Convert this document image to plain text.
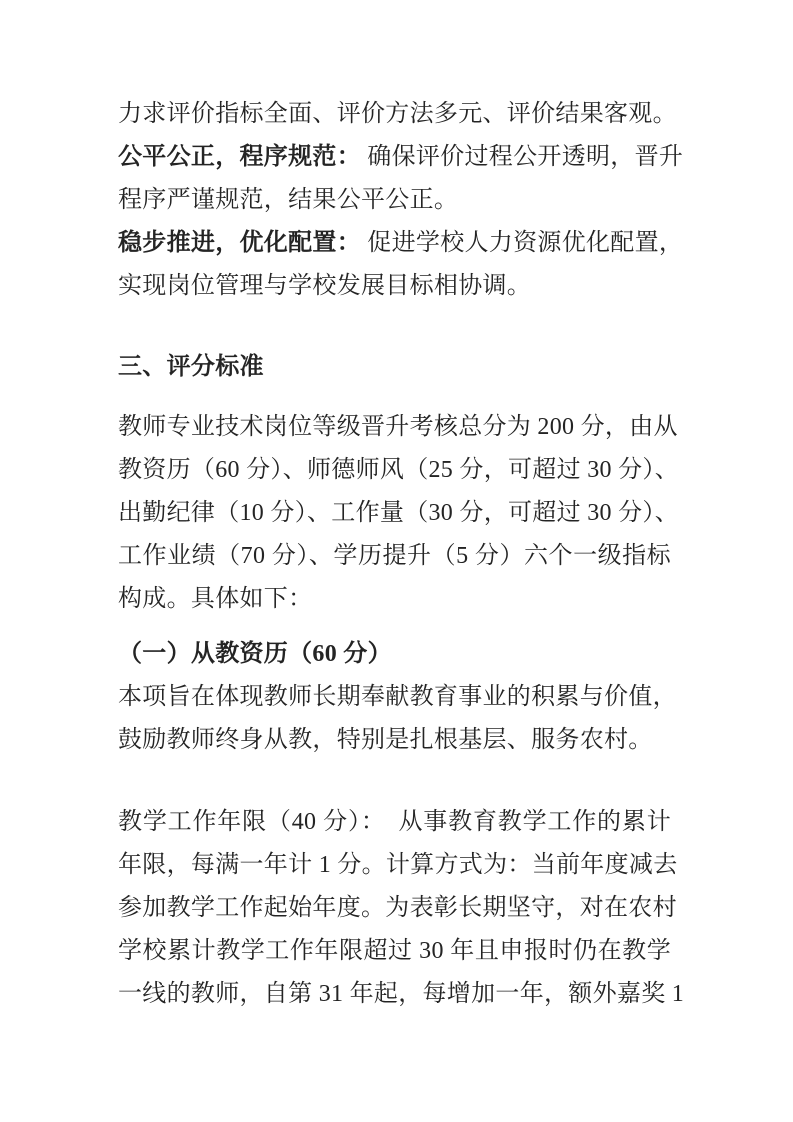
力求评价指标全面、评价方法多元、评价结果客观。
公平公正，程序规范： 确保评价过程公开透明，晋升
程序严谨规范，结果公平公正。
稳步推进，优化配置： 促进学校人力资源优化配置，
实现岗位管理与学校发展目标相协调。
三、评分标准
教师专业技术岗位等级晋升考核总分为 200 分，由从
教资历（60 分）、师德师风（25 分，可超过 30 分）、
出勤纪律（10 分）、工作量（30 分，可超过 30 分）、
工作业绩（70 分）、学历提升（5 分）六个一级指标
构成。具体如下：
（一）从教资历（60 分）
本项旨在体现教师长期奉献教育事业的积累与价值，
鼓励教师终身从教，特别是扎根基层、服务农村。
教学工作年限（40 分）：　从事教育教学工作的累计
年限，每满一年计 1 分。计算方式为：当前年度减去
参加教学工作起始年度。为表彰长期坚守，对在农村
学校累计教学工作年限超过 30 年且申报时仍在教学
一线的教师，自第 31 年起，每增加一年，额外嘉奖 1
